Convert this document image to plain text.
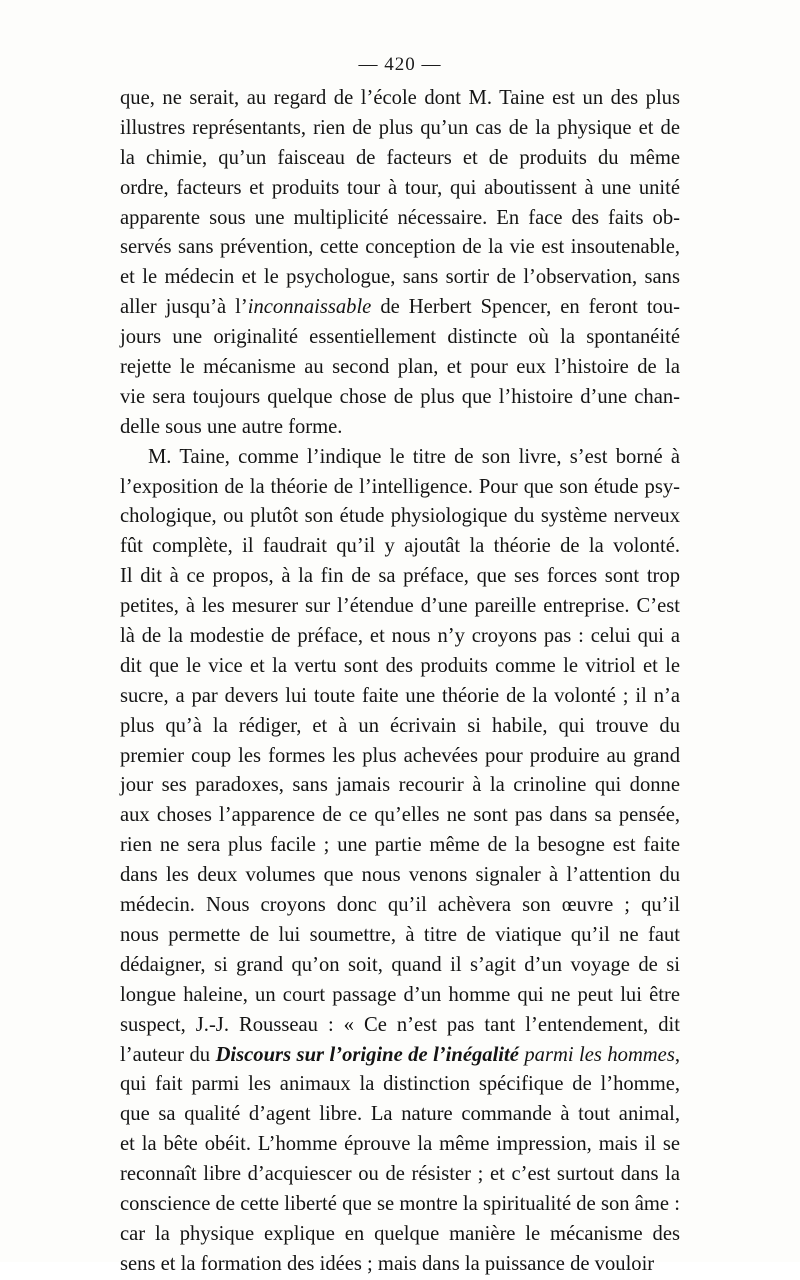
— 420 —
que, ne serait, au regard de l’école dont M. Taine est un des plus
illustres représentants, rien de plus qu’un cas de la physique et de
la chimie, qu’un faisceau de facteurs et de produits du même
ordre, facteurs et produits tour à tour, qui aboutissent à une unité
apparente sous une multiplicité nécessaire. En face des faits ob-
servés sans prévention, cette conception de la vie est insoutenable,
et le médecin et le psychologue, sans sortir de l’observation, sans
aller jusqu’à l’inconnaissable de Herbert Spencer, en feront tou-
jours une originalité essentiellement distincte où la spontanéité
rejette le mécanisme au second plan, et pour eux l’histoire de la
vie sera toujours quelque chose de plus que l’histoire d’une chan-
delle sous une autre forme.
M. Taine, comme l’indique le titre de son livre, s’est borné à
l’exposition de la théorie de l’intelligence. Pour que son étude psy-
chologique, ou plutôt son étude physiologique du système nerveux
fût complète, il faudrait qu’il y ajoutât la théorie de la volonté.
Il dit à ce propos, à la fin de sa préface, que ses forces sont trop
petites, à les mesurer sur l’étendue d’une pareille entreprise. C’est
là de la modestie de préface, et nous n’y croyons pas : celui qui a
dit que le vice et la vertu sont des produits comme le vitriol et le
sucre, a par devers lui toute faite une théorie de la volonté ; il n’a
plus qu’à la rédiger, et à un écrivain si habile, qui trouve du
premier coup les formes les plus achevées pour produire au grand
jour ses paradoxes, sans jamais recourir à la crinoline qui donne
aux choses l’apparence de ce qu’elles ne sont pas dans sa pensée,
rien ne sera plus facile ; une partie même de la besogne est faite
dans les deux volumes que nous venons signaler à l’attention du
médecin. Nous croyons donc qu’il achèvera son œuvre ; qu’il
nous permette de lui soumettre, à titre de viatique qu’il ne faut
dédaigner, si grand qu’on soit, quand il s’agit d’un voyage de si
longue haleine, un court passage d’un homme qui ne peut lui être
suspect, J.-J. Rousseau : « Ce n’est pas tant l’entendement, dit
l’auteur du Discours sur l’origine de l’inégalité parmi les hommes,
qui fait parmi les animaux la distinction spécifique de l’homme,
que sa qualité d’agent libre. La nature commande à tout animal,
et la bête obéit. L’homme éprouve la même impression, mais il se
reconnaît libre d’acquiescer ou de résister ; et c’est surtout dans la
conscience de cette liberté que se montre la spiritualité de son âme :
car la physique explique en quelque manière le mécanisme des
sens et la formation des idées ; mais dans la puissance de vouloir
